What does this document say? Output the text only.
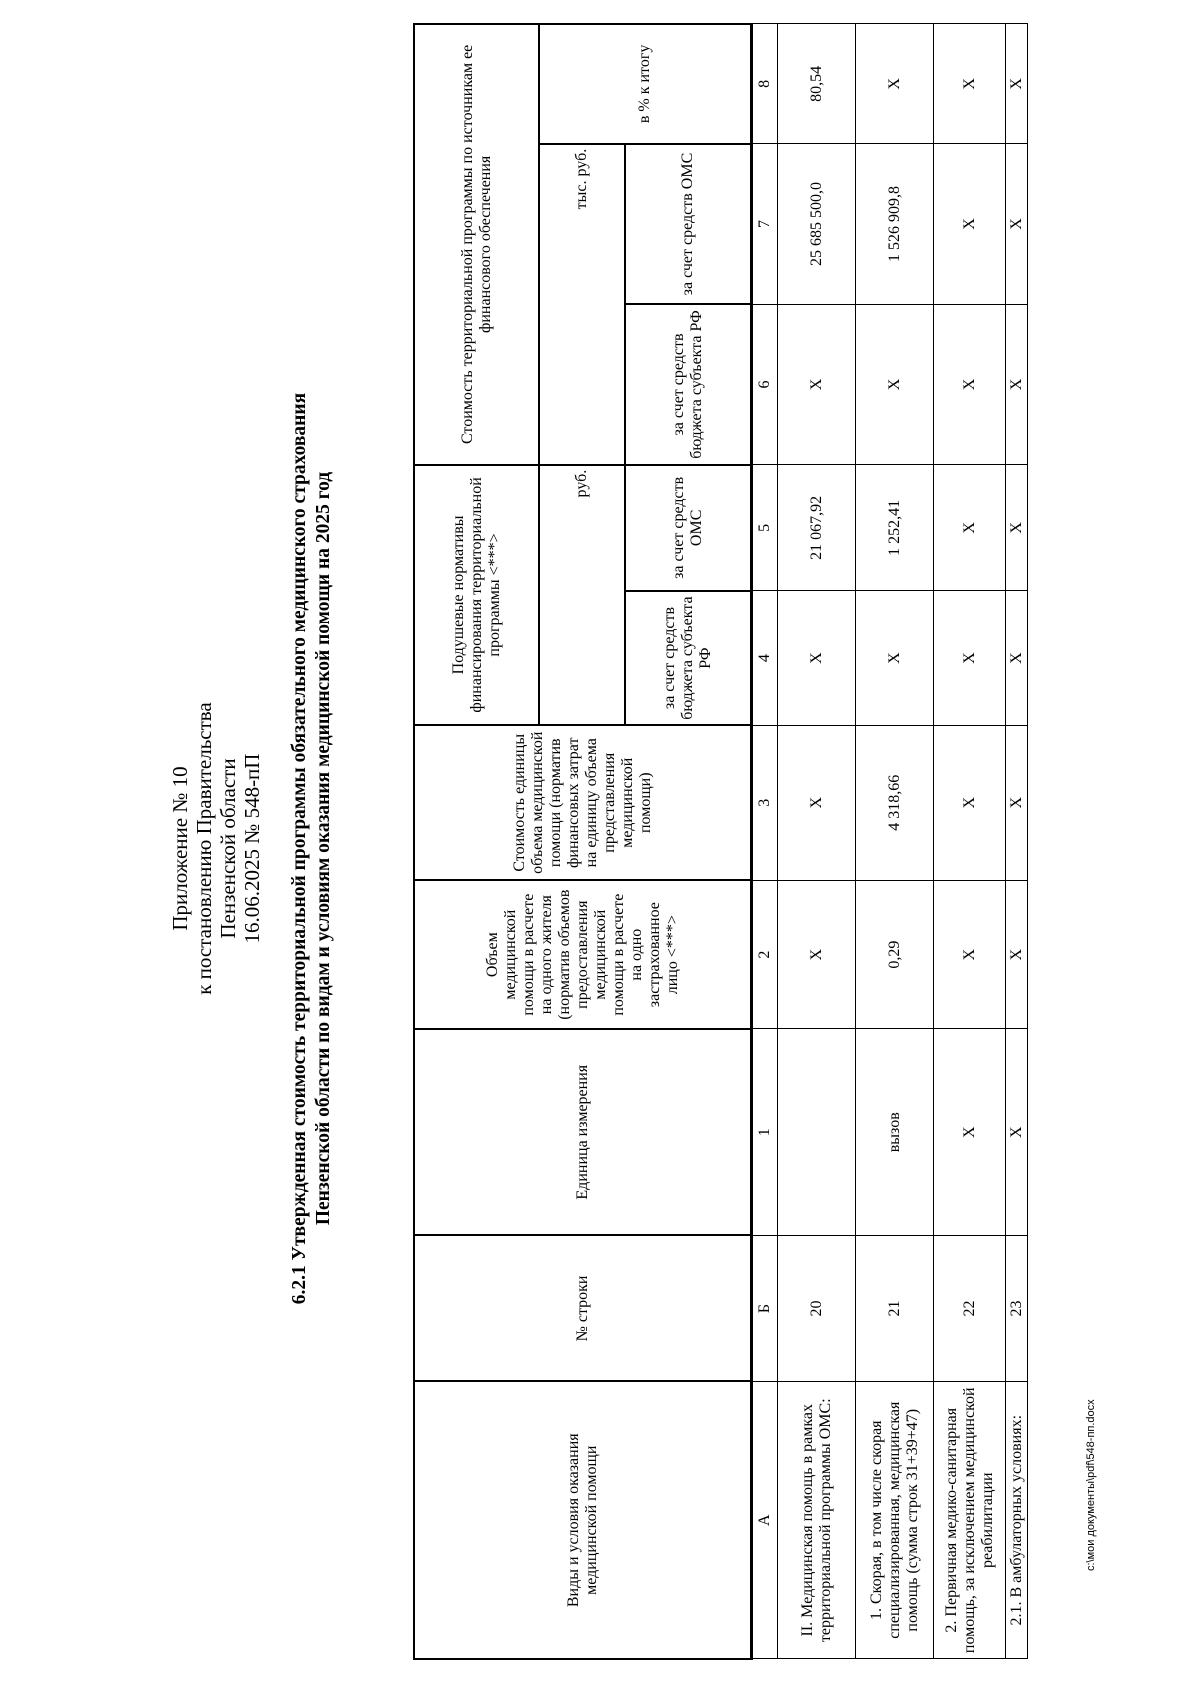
Приложение № 10 к постановлению Правительства Пензенской области 16.06.2025 № 548-пП 6.2.1 Утвержденная стоимость территориальной программы обязательного медицинского страхования Пензенской области по видам и условиям оказания медицинской помощи на 2025 год
Виды и условия оказания медицинской помощи	№ строки	Единица измерения	Объем медицинской помощи в расчете на одного жителя (норматив объемов предоставления медицинской помощи в расчете на одно застрахованное лицо <***>	Стоимость единицы объема медицинской помощи (норматив финансовых затрат на единицу объема представления медицинской помощи)	Подушевые нормативы финансирования территориальной программы <***>		Стоимость территориальной программы по источникам ее финансового обеспечения		
					руб.		тыс. руб.		в % к итогу
					за счет средств бюджета субъекта РФ	за счет средств ОМС	за счет средств бюджета субъекта РФ	за счет средств ОМС	
А	Б	1	2	3	4	5	6	7	8
II. Медицинская помощь в рамках территориальной программы ОМС:	20		Х	Х	Х	21 067,92	Х	25 685 500,0	80,54
1. Скорая, в том числе скорая специализированная, медицинская помощь (сумма строк 31+39+47)	21	вызов	0,29	4 318,66	Х	1 252,41	Х	1 526 909,8	Х
2. Первичная медико-санитарная помощь, за исключением медицинской реабилитации	22	Х	Х	Х	Х	Х	Х	Х	Х
2.1. В амбулаторных условиях:	23	Х	Х	Х	Х	Х	Х	Х	Х
c:\мои документы\pdf\548-пп.docx
